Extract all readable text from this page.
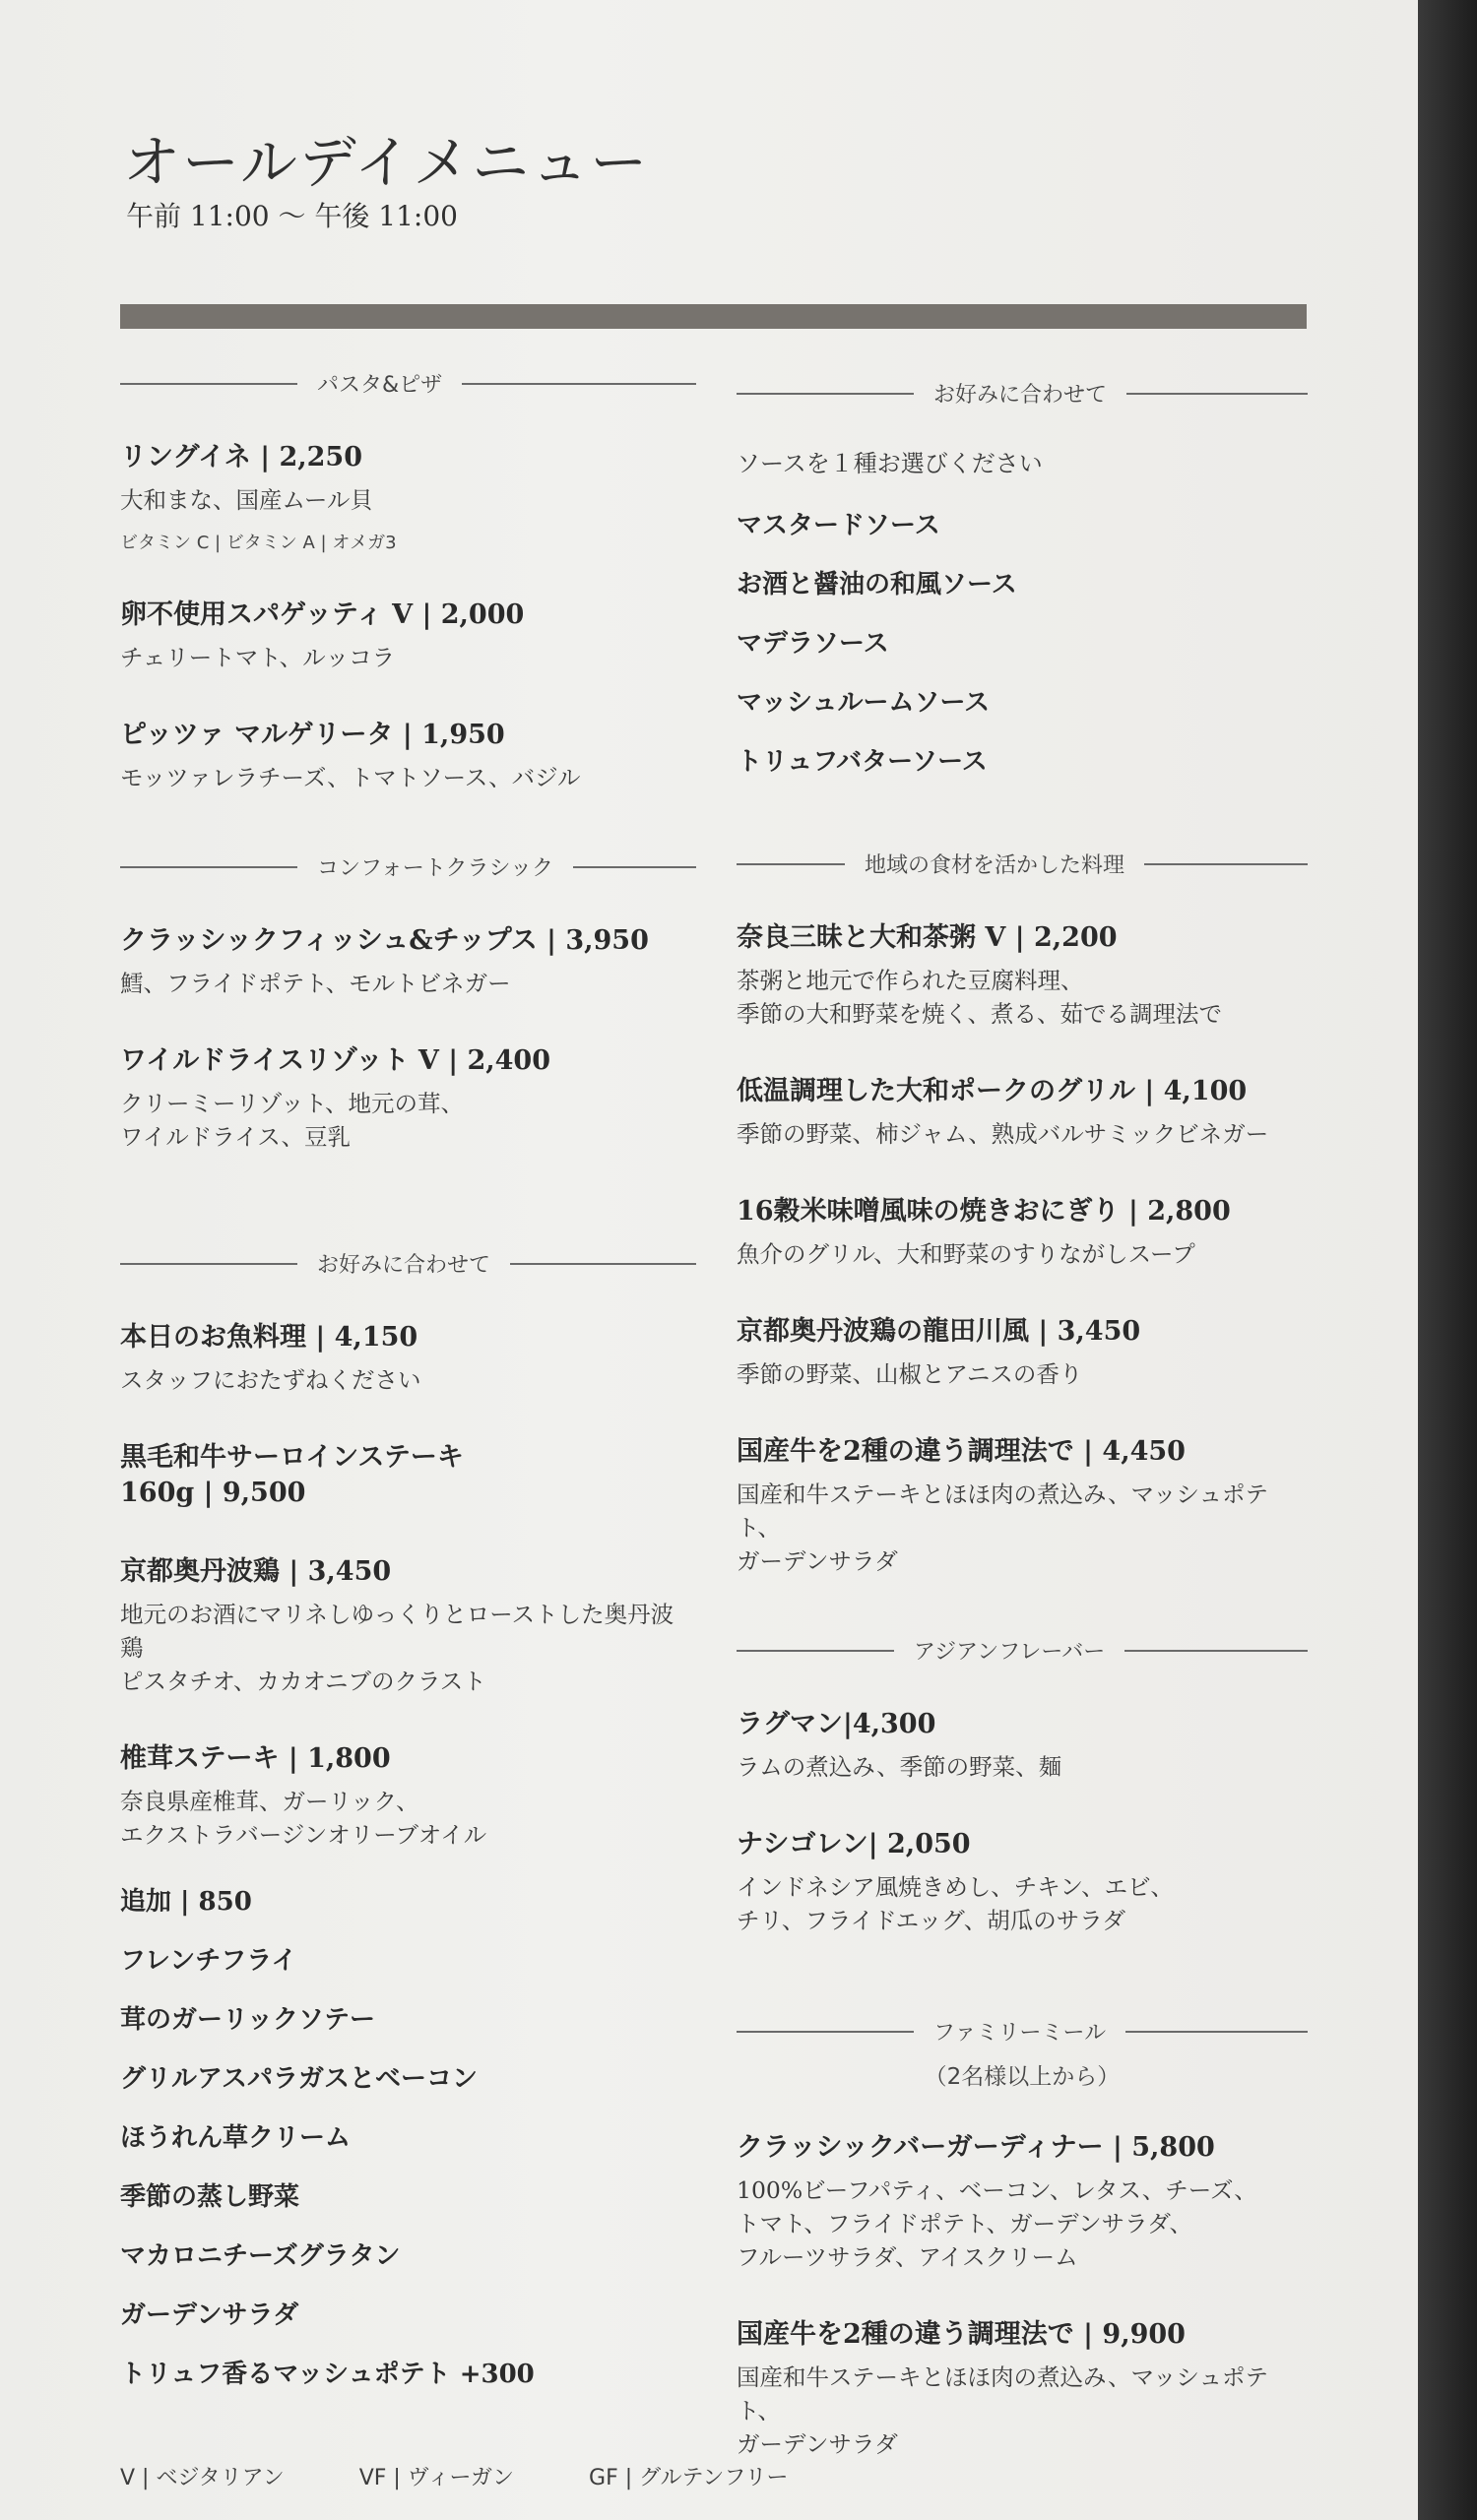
オールデイメニュー

午前 11:00 〜 午後 11:00

パスタ&ピザ
リングイネ | 2,250
大和まな、国産ムール貝
ビタミン C | ビタミン A | オメガ3
卵不使用スパゲッティ V | 2,000
チェリートマト、ルッコラ
ピッツァ マルゲリータ | 1,950
モッツァレラチーズ、トマトソース、バジル
コンフォートクラシック
クラッシックフィッシュ&チップス | 3,950
鱈、フライドポテト、モルトビネガー
ワイルドライスリゾット V | 2,400
クリーミーリゾット、地元の茸、
ワイルドライス、豆乳
お好みに合わせて
本日のお魚料理 | 4,150
スタッフにおたずねください
黒毛和牛サーロインステーキ
160g | 9,500
京都奥丹波鶏 | 3,450
地元のお酒にマリネしゆっくりとローストした奥丹波鶏
ピスタチオ、カカオニブのクラスト
椎茸ステーキ | 1,800
奈良県産椎茸、ガーリック、
エクストラバージンオリーブオイル
追加 | 850
フレンチフライ
茸のガーリックソテー
グリルアスパラガスとベーコン
ほうれん草クリーム
季節の蒸し野菜
マカロニチーズグラタン
ガーデンサラダ
トリュフ香るマッシュポテト +300
お好みに合わせて
ソースを１種お選びください
マスタードソース
お酒と醤油の和風ソース
マデラソース
マッシュルームソース
トリュフバターソース
地域の食材を活かした料理
奈良三昧と大和茶粥 V | 2,200
茶粥と地元で作られた豆腐料理、
季節の大和野菜を焼く、煮る、茹でる調理法で
低温調理した大和ポークのグリル | 4,100
季節の野菜、柿ジャム、熟成バルサミックビネガー
16穀米味噌風味の焼きおにぎり | 2,800
魚介のグリル、大和野菜のすりながしスープ
京都奥丹波鶏の龍田川風 | 3,450
季節の野菜、山椒とアニスの香り
国産牛を2種の違う調理法で | 4,450
国産和牛ステーキとほほ肉の煮込み、マッシュポテト、
ガーデンサラダ
アジアンフレーバー
ラグマン|4,300
ラムの煮込み、季節の野菜、麺
ナシゴレン| 2,050
インドネシア風焼きめし、チキン、エビ、
チリ、フライドエッグ、胡瓜のサラダ
ファミリーミール
（2名様以上から）
クラッシックバーガーディナー | 5,800
100%ビーフパティ、ベーコン、レタス、チーズ、
トマト、フライドポテト、ガーデンサラダ、
フルーツサラダ、アイスクリーム
国産牛を2種の違う調理法で | 9,900
国産和牛ステーキとほほ肉の煮込み、マッシュポテト、
ガーデンサラダ
V | ベジタリアン	VF | ヴィーガン	GF | グルテンフリー
